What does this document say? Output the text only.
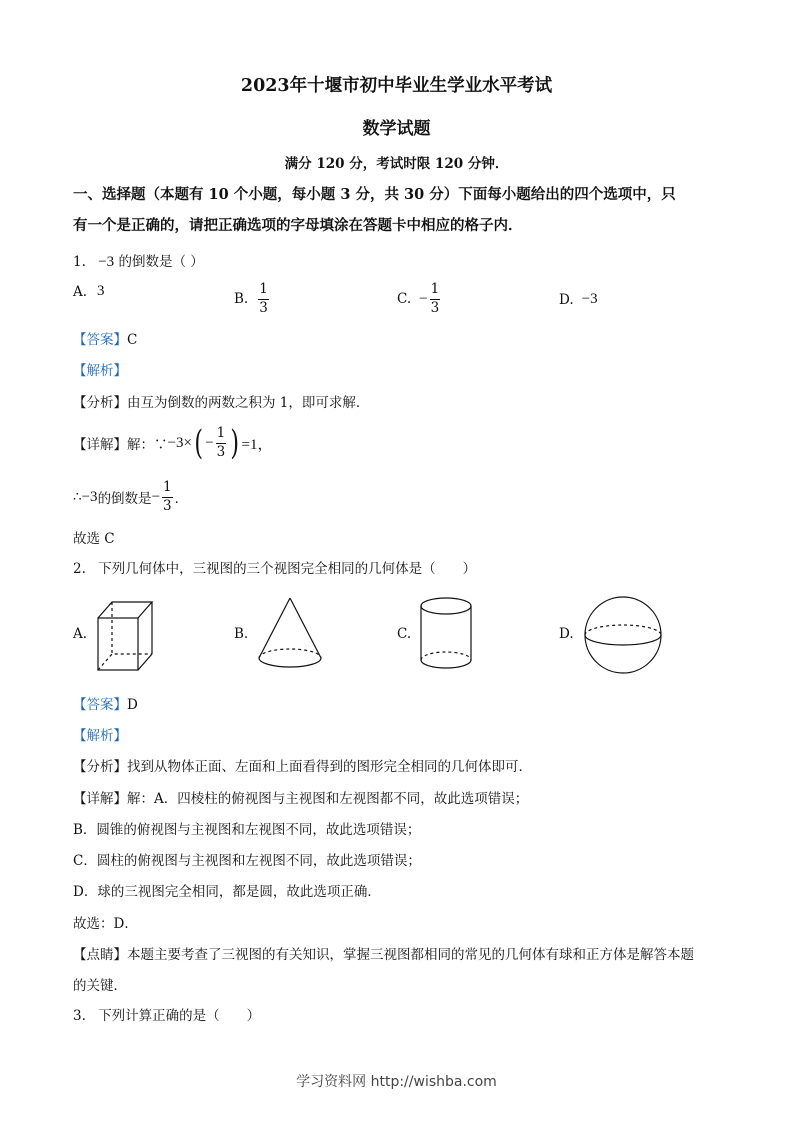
2023年十堰市初中毕业生学业水平考试
数学试题
满分 120 分，考试时限 120 分钟．
一、选择题（本题有 10 个小题，每小题 3 分，共 30 分）下面每小题给出的四个选项中，只
有一个是正确的，请把正确选项的字母填涂在答题卡中相应的格子内．
1. −3 的倒数是（ ）
A. 3	B. $\frac{1}{3}$	C. − $\frac{1}{3}$	D. −3
【答案】C
【解析】
【分析】由互为倒数的两数之积为 1，即可求解．
【详解】 解：∵ −3× ( − $\frac{1}{3}$ ) =1，
∴ −3 的倒数是 − $\frac{1}{3}$ ．
故选 C
2. 下列几何体中，三视图的三个视图完全相同的几何体是（　　）
A.	B.	C.	D.
【答案】D
【解析】
【分析】找到从物体正面、左面和上面看得到的图形完全相同的几何体即可．
【详解】解：A．四棱柱的俯视图与主视图和左视图都不同，故此选项错误；
B．圆锥的俯视图与主视图和左视图不同，故此选项错误；
C．圆柱的俯视图与主视图和左视图不同，故此选项错误；
D．球的三视图完全相同，都是圆，故此选项正确．
故选：D．
【点睛】本题主要考查了三视图的有关知识，掌握三视图都相同的常见的几何体有球和正方体是解答本题
的关键．
3. 下列计算正确的是（　　）
学习资料网 http://wishba.com
